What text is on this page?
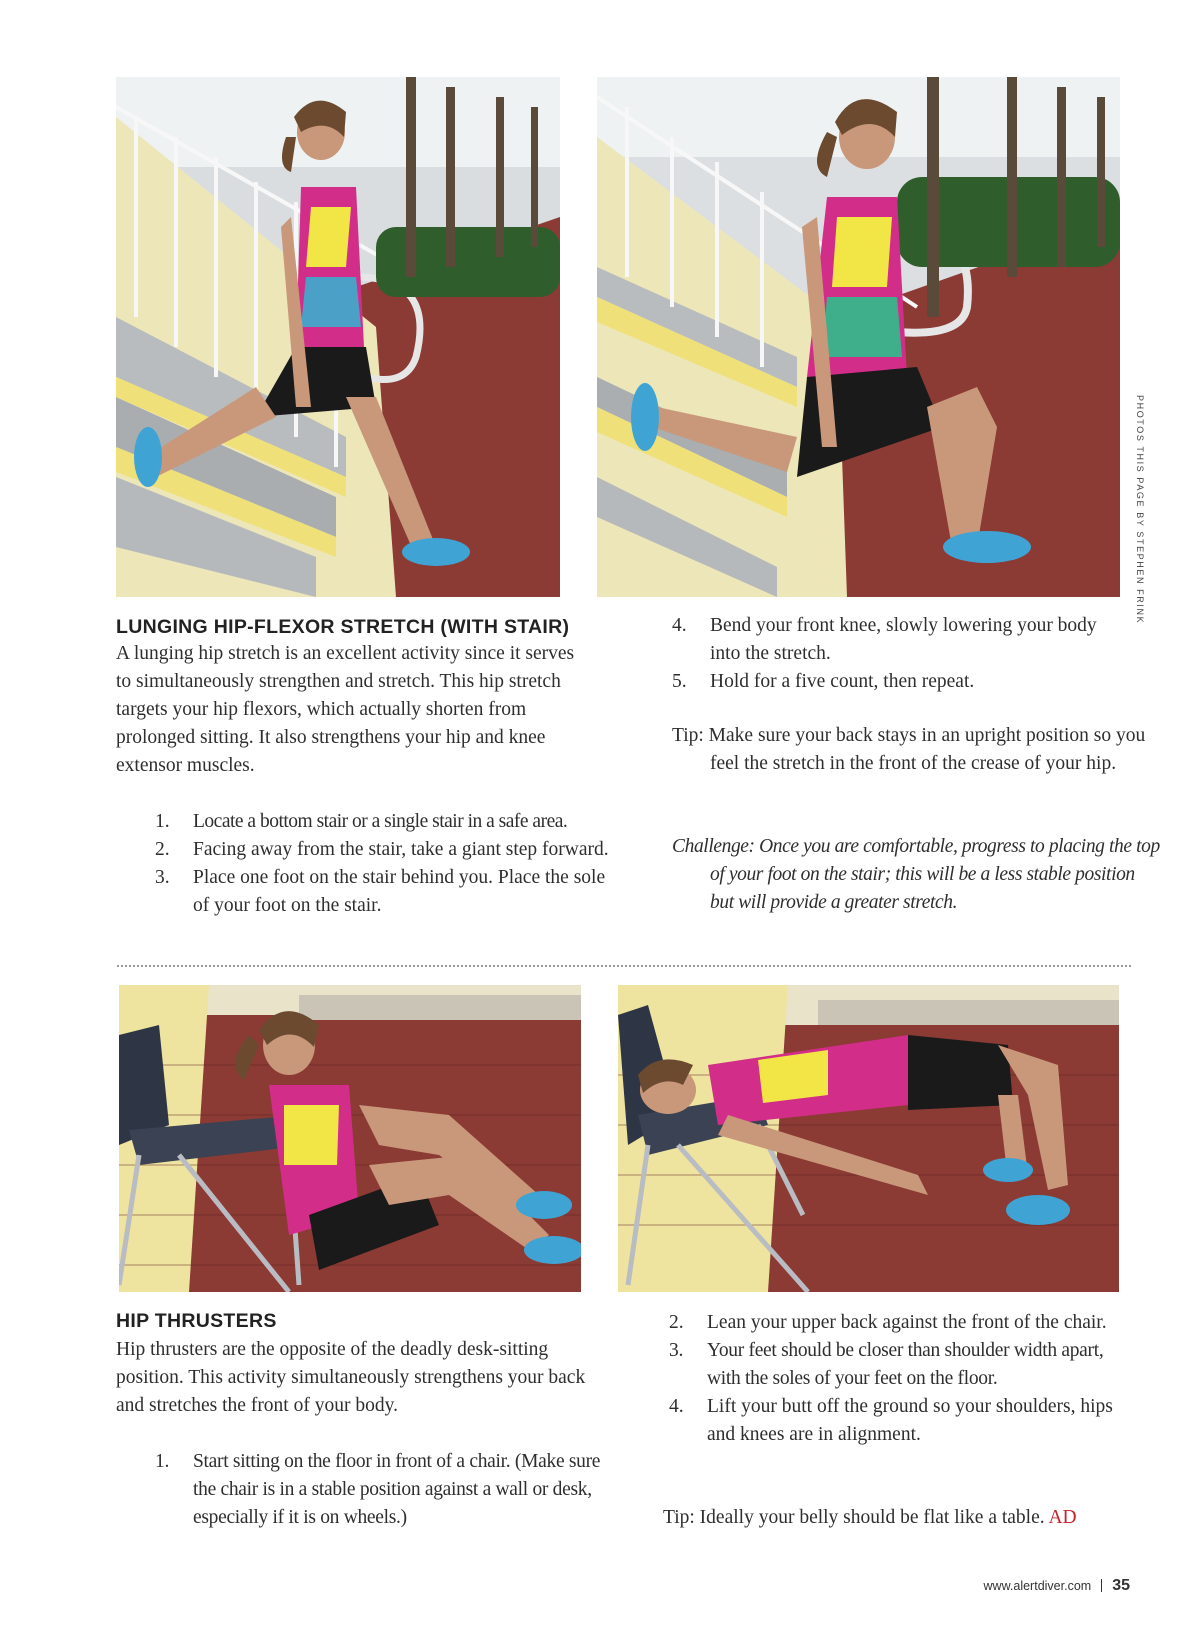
PHOTOS THIS PAGE BY STEPHEN FRINK
LUNGING HIP-FLEXOR STRETCH (WITH STAIR)

A lunging hip stretch is an excellent activity since it serves to simultaneously strengthen and stretch. This hip stretch targets your hip flexors, which actually shorten from prolonged sitting. It also strengthens your hip and knee extensor muscles.

1. Locate a bottom stair or a single stair in a safe area.
2. Facing away from the stair, take a giant step forward.
3. Place one foot on the stair behind you. Place the sole of your foot on the stair.
4. Bend your front knee, slowly lowering your body into the stretch.
5. Hold for a five count, then repeat.

Tip: Make sure your back stays in an upright position so you feel the stretch in the front of the crease of your hip.

Challenge: Once you are comfortable, progress to placing the top of your foot on the stair; this will be a less stable position but will provide a greater stretch.

HIP THRUSTERS

Hip thrusters are the opposite of the deadly desk-sitting position. This activity simultaneously strengthens your back and stretches the front of your body.

1. Start sitting on the floor in front of a chair. (Make sure the chair is in a stable position against a wall or desk, especially if it is on wheels.)
2. Lean your upper back against the front of the chair.
3. Your feet should be closer than shoulder width apart, with the soles of your feet on the floor.
4. Lift your butt off the ground so your shoulders, hips and knees are in alignment.

Tip: Ideally your belly should be flat like a table. AD

www.alertdiver.com 35
